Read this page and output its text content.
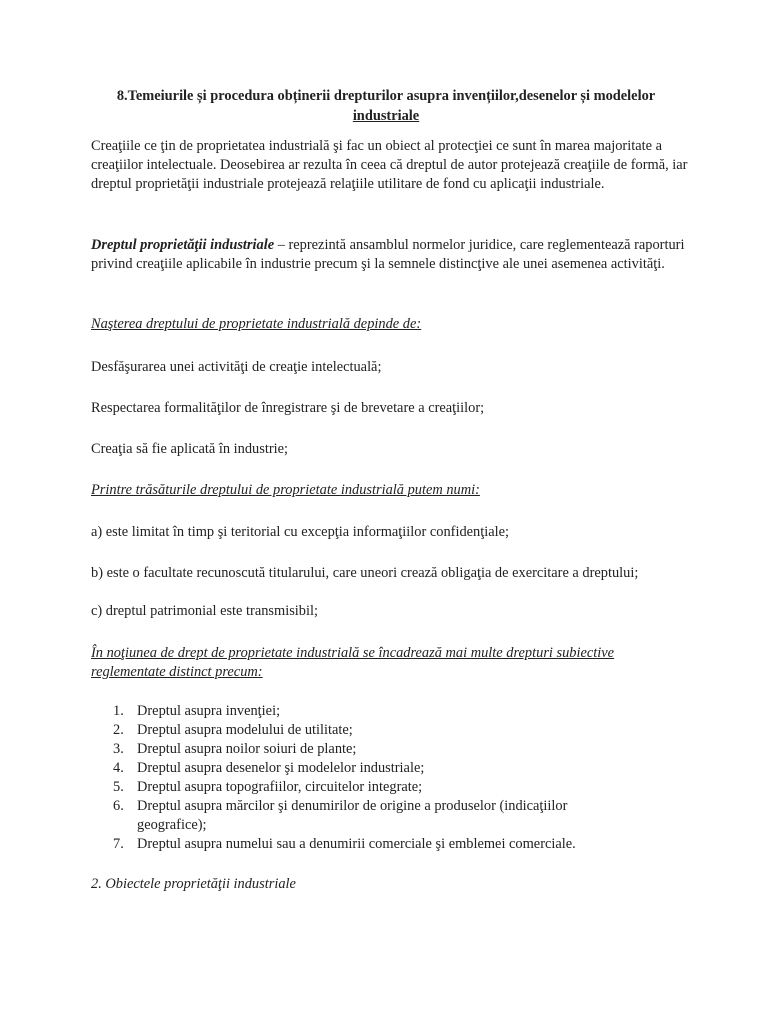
8.Temeiurile și procedura obținerii drepturilor asupra invențiilor,desenelor și modelelor
industriale

Creaţiile ce ţin de proprietatea industrială şi fac un obiect al protecţiei ce sunt în marea majoritate a creaţiilor intelectuale. Deosebirea ar rezulta în ceea că dreptul de autor protejează creaţiile de formă, iar dreptul proprietăţii industriale protejează relaţiile utilitare de fond cu aplicaţii industriale.

Dreptul proprietăţii industriale – reprezintă ansamblul normelor juridice, care reglementează raporturi privind creaţiile aplicabile în industrie precum şi la semnele distincţive ale unei asemenea activităţi.

Naşterea dreptului de proprietate industrială depinde de:

Desfăşurarea unei activităţi de creaţie intelectuală;

Respectarea formalităţilor de înregistrare şi de brevetare a creaţiilor;

Creaţia să fie aplicată în industrie;

Printre trăsăturile dreptului de proprietate industrială putem numi:

a) este limitat în timp şi teritorial cu excepţia informaţiilor confidenţiale;

b) este o facultate recunoscută titularului, care uneori crează obligaţia de exercitare a dreptului;

c) dreptul patrimonial este transmisibil;

În noţiunea de drept de proprietate industrială se încadrează mai multe drepturi subiective reglementate distinct precum:

1. Dreptul asupra invenţiei;
2. Dreptul asupra modelului de utilitate;
3. Dreptul asupra noilor soiuri de plante;
4. Dreptul asupra desenelor şi modelelor industriale;
5. Dreptul asupra topografiilor, circuitelor integrate;
6. Dreptul asupra mărcilor şi denumirilor de origine a produselor (indicaţiilor geografice);
7. Dreptul asupra numelui sau a denumirii comerciale şi emblemei comerciale.

2. Obiectele proprietăţii industriale
